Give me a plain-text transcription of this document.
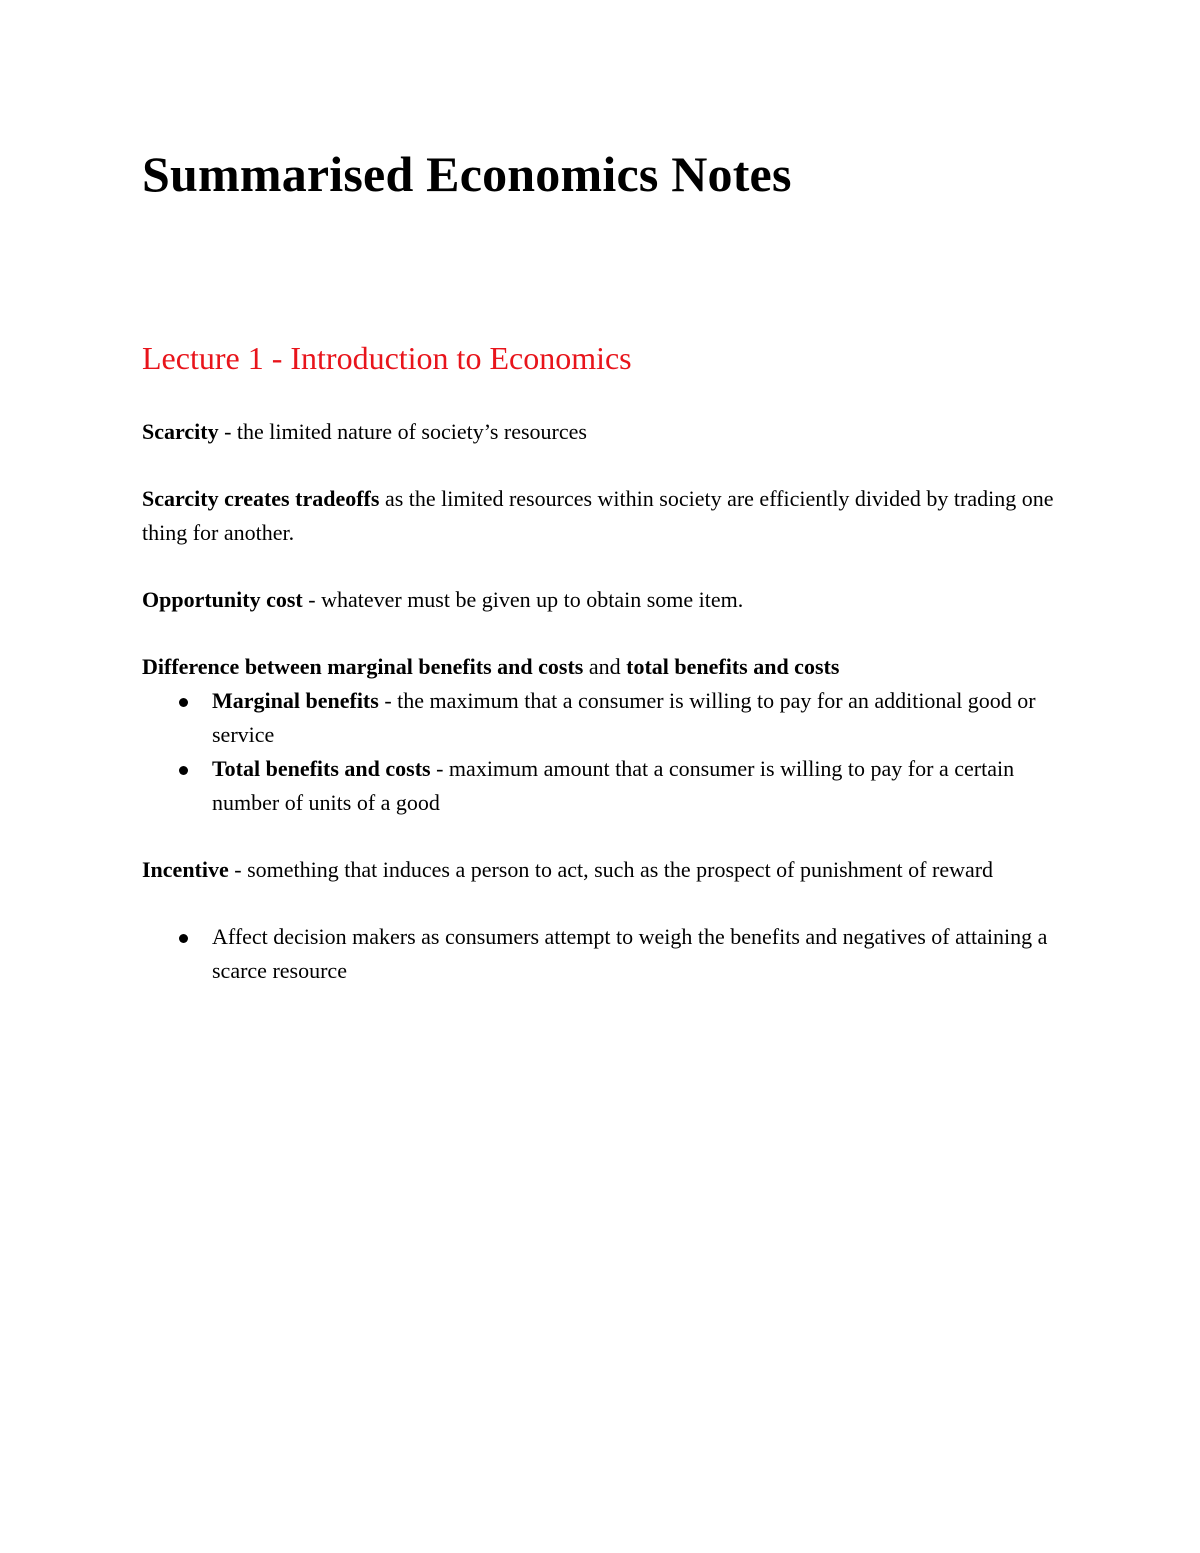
Summarised Economics Notes
Lecture 1 - Introduction to Economics

Scarcity - the limited nature of society’s resources

Scarcity creates tradeoffs as the limited resources within society are efficiently divided by trading one thing for another.

Opportunity cost - whatever must be given up to obtain some item.

Difference between marginal benefits and costs and total benefits and costs

Marginal benefits - the maximum that a consumer is willing to pay for an additional good or service
Total benefits and costs - maximum amount that a consumer is willing to pay for a certain number of units of a good

Incentive - something that induces a person to act, such as the prospect of punishment of reward

Affect decision makers as consumers attempt to weigh the benefits and negatives of attaining a scarce resource
